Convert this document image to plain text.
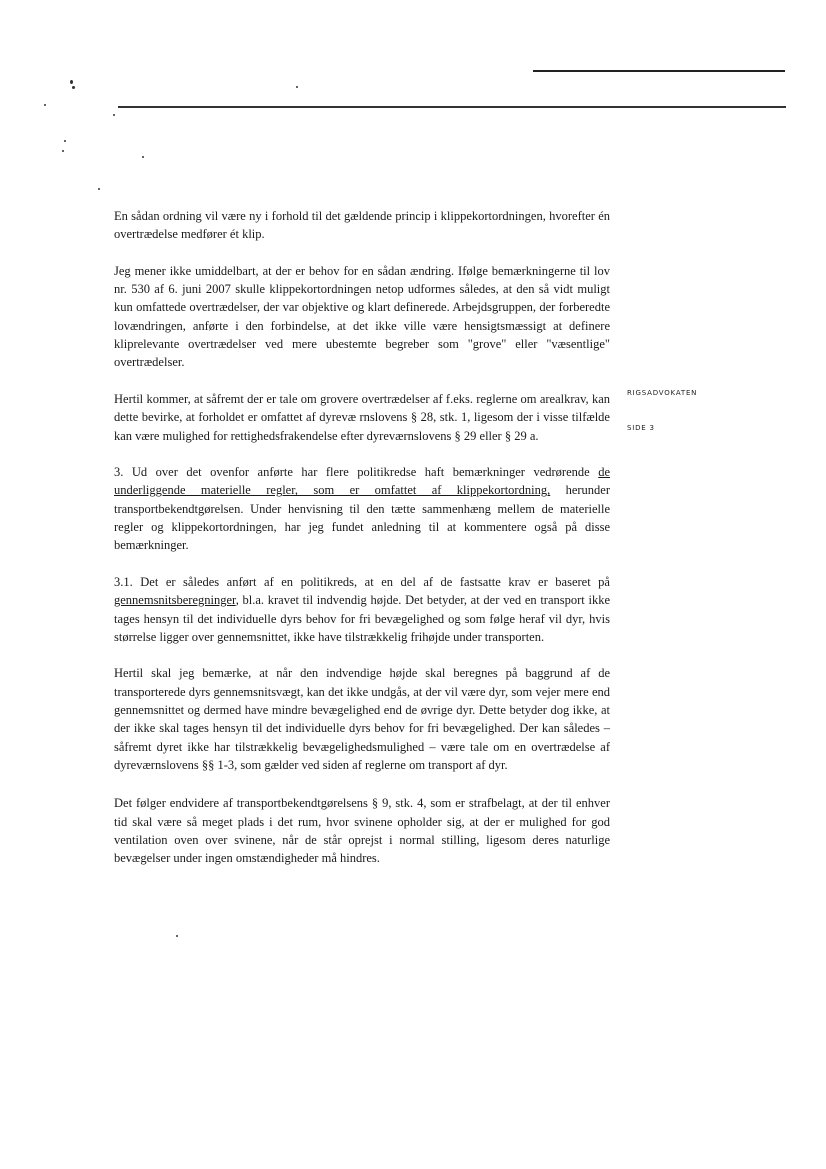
RIGSADVOKATEN
SIDE 3

En sådan ordning vil være ny i forhold til det gældende princip i klippekortordningen, hvorefter én overtrædelse medfører ét klip.

Jeg mener ikke umiddelbart, at der er behov for en sådan ændring. Ifølge bemærkningerne til lov nr. 530 af 6. juni 2007 skulle klippekortordningen netop udformes således, at den så vidt muligt kun omfattede overtrædelser, der var objektive og klart definerede. Arbejdsgruppen, der forberedte lovændringen, anførte i den forbindelse, at det ikke ville være hensigtsmæssigt at definere kliprelevante overtrædelser ved mere ubestemte begreber som "grove" eller "væsentlige" overtrædelser.

Hertil kommer, at såfremt der er tale om grovere overtrædelser af f.eks. reglerne om arealkrav, kan dette bevirke, at forholdet er omfattet af dyrevæ rnslovens § 28, stk. 1, ligesom der i visse tilfælde kan være mulighed for rettighedsfrakendelse efter dyreværnslovens § 29 eller § 29 a.

3. Ud over det ovenfor anførte har flere politikredse haft bemærkninger vedrørende de underliggende materielle regler, som er omfattet af klippekortordning, herunder transportbekendtgørelsen. Under henvisning til den tætte sammenhæng mellem de materielle regler og klippekortordningen, har jeg fundet anledning til at kommentere også på disse bemærkninger.

3.1. Det er således anført af en politikreds, at en del af de fastsatte krav er baseret på gennemsnitsberegninger, bl.a. kravet til indvendig højde. Det betyder, at der ved en transport ikke tages hensyn til det individuelle dyrs behov for fri bevægelighed og som følge heraf vil dyr, hvis størrelse ligger over gennemsnittet, ikke have tilstrækkelig frihøjde under transporten.

Hertil skal jeg bemærke, at når den indvendige højde skal beregnes på baggrund af de transporterede dyrs gennemsnitsvægt, kan det ikke undgås, at der vil være dyr, som vejer mere end gennemsnittet og dermed have mindre bevægelighed end de øvrige dyr. Dette betyder dog ikke, at der ikke skal tages hensyn til det individuelle dyrs behov for fri bevægelighed. Der kan således – såfremt dyret ikke har tilstrækkelig bevægelighedsmulighed – være tale om en overtrædelse af dyreværnslovens §§ 1-3, som gælder ved siden af reglerne om transport af dyr.

Det følger endvidere af transportbekendtgørelsens § 9, stk. 4, som er strafbelagt, at der til enhver tid skal være så meget plads i det rum, hvor svinene opholder sig, at der er mulighed for god ventilation oven over svinene, når de står oprejst i normal stilling, ligesom deres naturlige bevægelser under ingen omstændigheder må hindres.
